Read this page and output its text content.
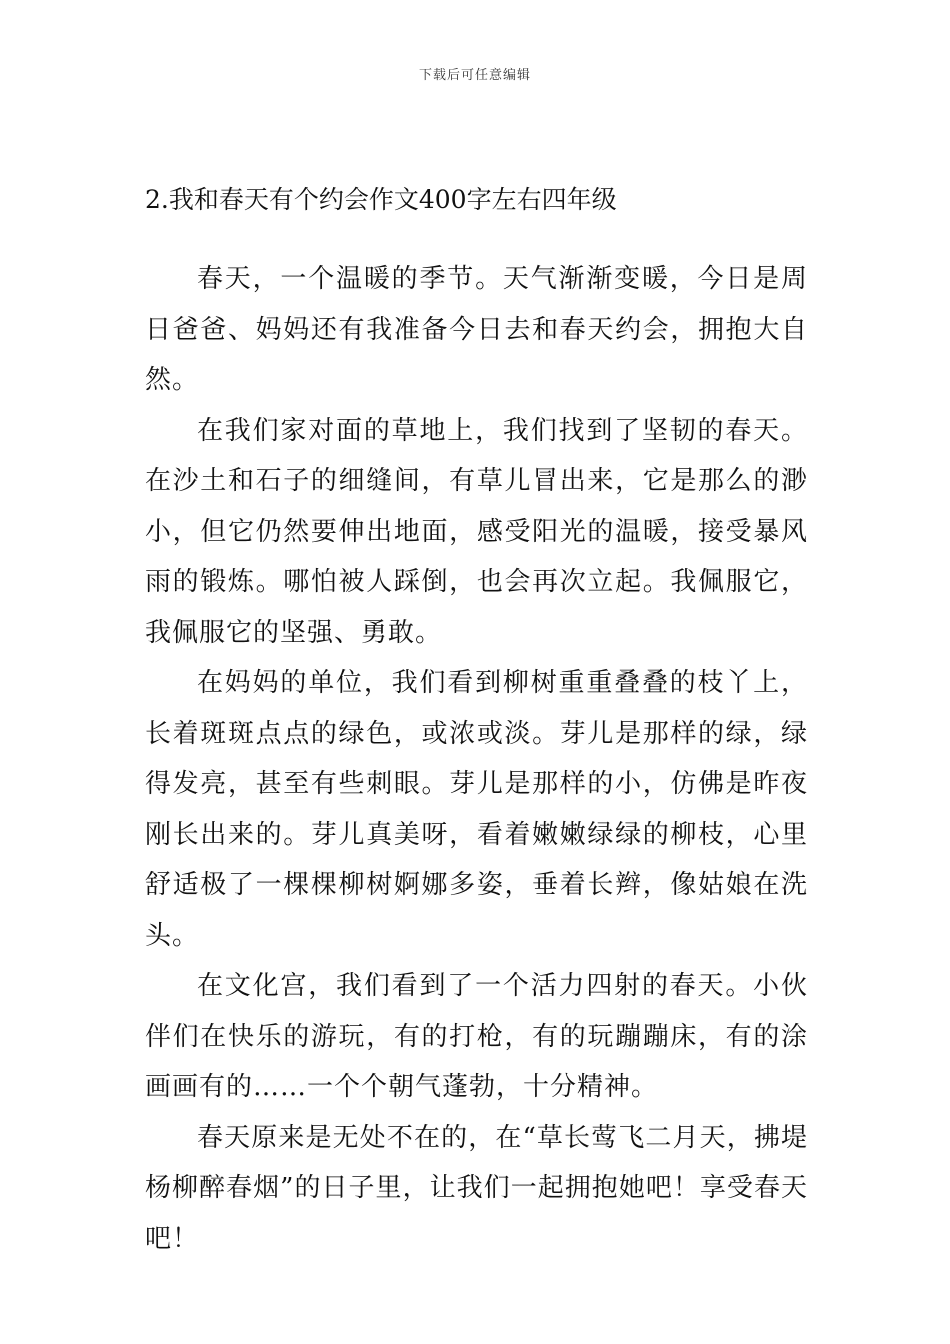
下载后可任意编辑
2.我和春天有个约会作文400字左右四年级

春天，一个温暖的季节。天气渐渐变暖，今日是周日爸爸、妈妈还有我准备今日去和春天约会，拥抱大自然。

在我们家对面的草地上，我们找到了坚韧的春天。在沙土和石子的细缝间，有草儿冒出来，它是那么的渺小，但它仍然要伸出地面，感受阳光的温暖，接受暴风雨的锻炼。哪怕被人踩倒，也会再次立起。我佩服它，我佩服它的坚强、勇敢。

在妈妈的单位，我们看到柳树重重叠叠的枝丫上，长着斑斑点点的绿色，或浓或淡。芽儿是那样的绿，绿得发亮，甚至有些刺眼。芽儿是那样的小，仿佛是昨夜刚长出来的。芽儿真美呀，看着嫩嫩绿绿的柳枝，心里舒适极了一棵棵柳树婀娜多姿，垂着长辫，像姑娘在洗头。

在文化宫，我们看到了一个活力四射的春天。小伙伴们在快乐的游玩，有的打枪，有的玩蹦蹦床，有的涂画画有的……一个个朝气蓬勃，十分精神。

春天原来是无处不在的，在“草长莺飞二月天，拂堤杨柳醉春烟”的日子里，让我们一起拥抱她吧！享受春天吧！
